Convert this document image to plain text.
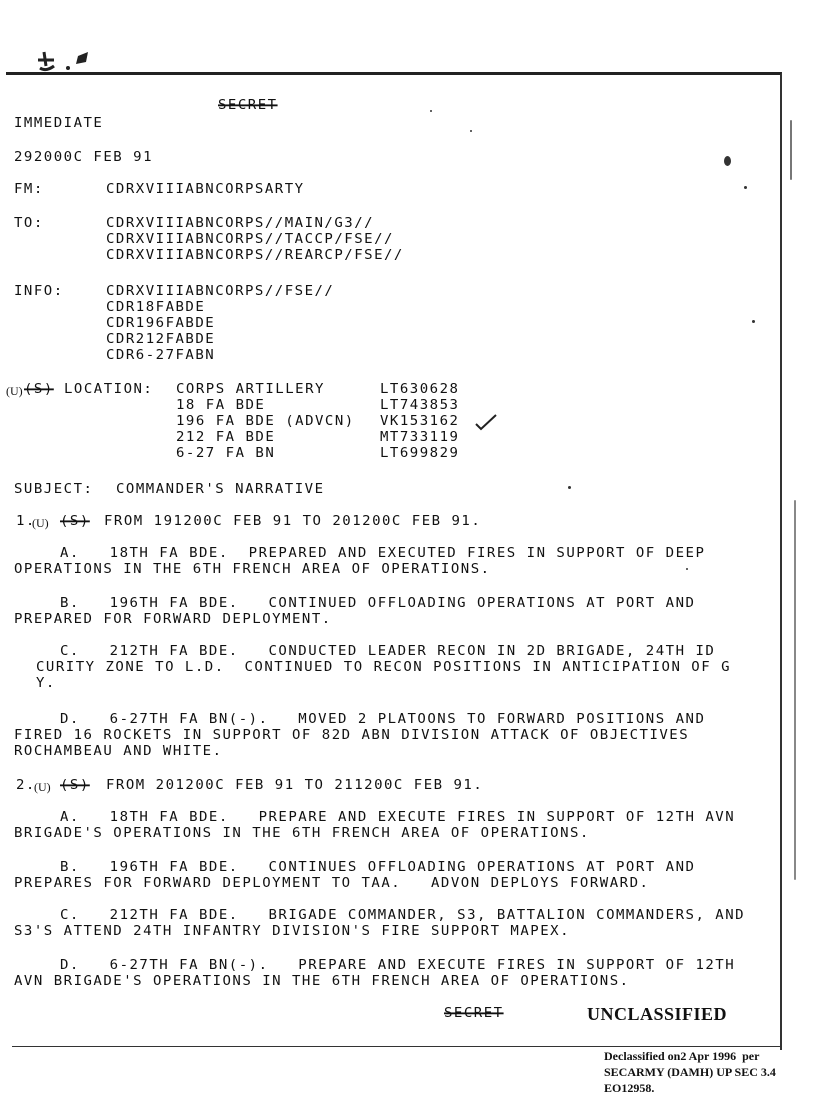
SECRET
IMMEDIATE
292000C FEB 91
FM:	CDRXVIIIABNCORPSARTY
TO:	CDRXVIIIABNCORPS//MAIN/G3//
CDRXVIIIABNCORPS//TACCP/FSE//
CDRXVIIIABNCORPS//REARCP/FSE//
INFO:	CDRXVIIIABNCORPS//FSE//
CDR18FABDE
CDR196FABDE
CDR212FABDE
CDR6-27FABN
(U) (S) LOCATION: CORPS ARTILLERY	LT630628
18 FA BDE	LT743853
196 FA BDE (ADVCN) VK153162
212 FA BDE	MT733119
6-27 FA BN	LT699829
SUBJECT: COMMANDER'S NARRATIVE
1.
(U) (S) FROM 191200C FEB 91 TO 201200C FEB 91.
A.   18TH FA BDE.  PREPARED AND EXECUTED FIRES IN SUPPORT OF DEEP
OPERATIONS IN THE 6TH FRENCH AREA OF OPERATIONS.
B.   196TH FA BDE.   CONTINUED OFFLOADING OPERATIONS AT PORT AND
PREPARED FOR FORWARD DEPLOYMENT.
C.   212TH FA BDE.   CONDUCTED LEADER RECON IN 2D BRIGADE, 24TH ID
CURITY ZONE TO L.D.  CONTINUED TO RECON POSITIONS IN ANTICIPATION OF G
Y.
D.   6-27TH FA BN(-).   MOVED 2 PLATOONS TO FORWARD POSITIONS AND
FIRED 16 ROCKETS IN SUPPORT OF 82D ABN DIVISION ATTACK OF OBJECTIVES
ROCHAMBEAU AND WHITE.
2.
(U) (S) FROM 201200C FEB 91 TO 211200C FEB 91.
A.   18TH FA BDE.   PREPARE AND EXECUTE FIRES IN SUPPORT OF 12TH AVN
BRIGADE'S OPERATIONS IN THE 6TH FRENCH AREA OF OPERATIONS.
B.   196TH FA BDE.   CONTINUES OFFLOADING OPERATIONS AT PORT AND
PREPARES FOR FORWARD DEPLOYMENT TO TAA.   ADVON DEPLOYS FORWARD.
C.   212TH FA BDE.   BRIGADE COMMANDER, S3, BATTALION COMMANDERS, AND
S3'S ATTEND 24TH INFANTRY DIVISION'S FIRE SUPPORT MAPEX.
D.   6-27TH FA BN(-).   PREPARE AND EXECUTE FIRES IN SUPPORT OF 12TH
AVN BRIGADE'S OPERATIONS IN THE 6TH FRENCH AREA OF OPERATIONS.
SECRET	UNCLASSIFIED
Declassified on2 Apr 1996  per
SECARMY (DAMH) UP SEC 3.4
EO12958.
